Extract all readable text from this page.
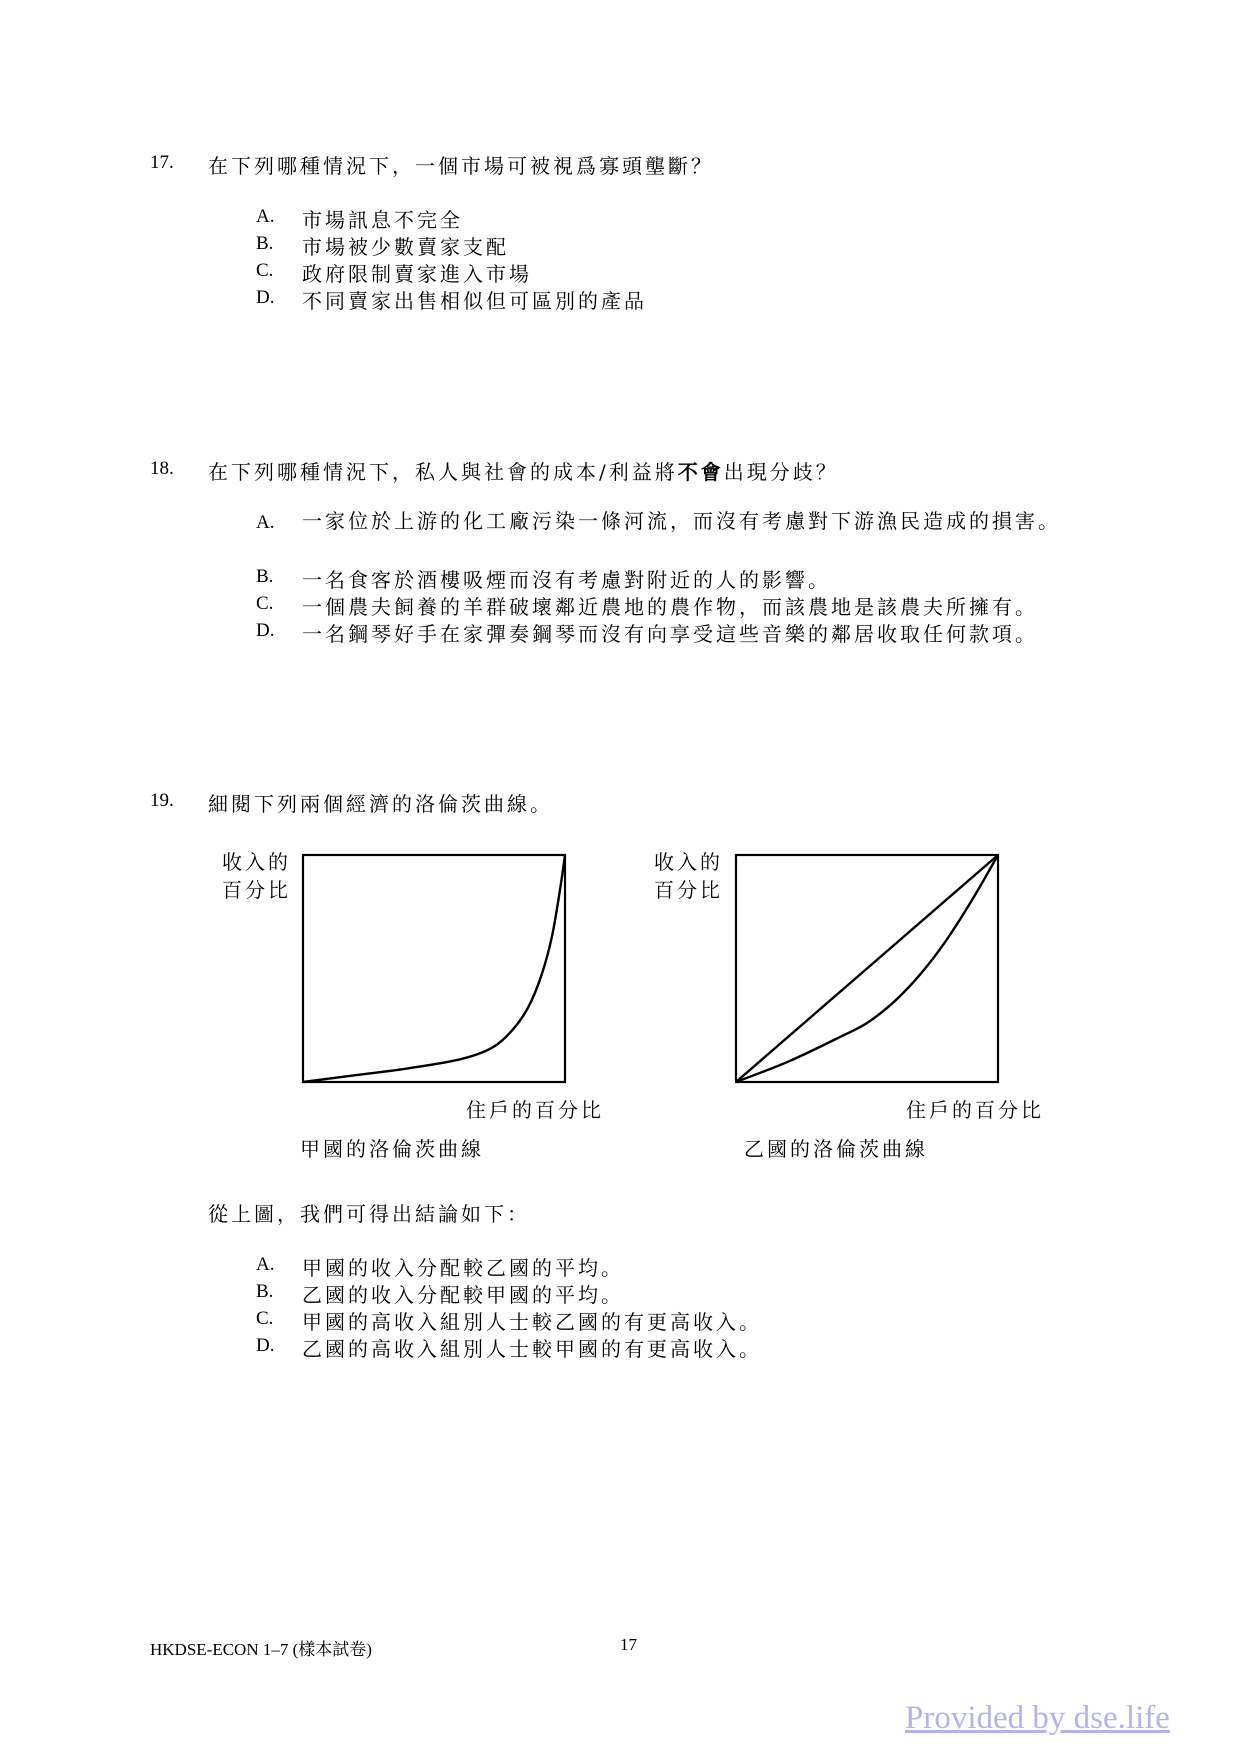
17. 在下列哪種情況下，一個市場可被視爲寡頭壟斷？
A. 市場訊息不完全
B. 市場被少數賣家支配
C. 政府限制賣家進入市場
D. 不同賣家出售相似但可區別的產品
18. 在下列哪種情況下，私人與社會的成本/利益將不會出現分歧？
A. 一家位於上游的化工廠污染一條河流，而沒有考慮對下游漁民造成的損害。
B. 一名食客於酒樓吸煙而沒有考慮對附近的人的影響。
C. 一個農夫飼養的羊群破壞鄰近農地的農作物，而該農地是該農夫所擁有。
D. 一名鋼琴好手在家彈奏鋼琴而沒有向享受這些音樂的鄰居收取任何款項。
19. 細閱下列兩個經濟的洛倫茨曲線。
收入的
百分比
住戶的百分比
甲國的洛倫茨曲線
收入的
百分比
住戶的百分比
乙國的洛倫茨曲線
從上圖，我們可得出結論如下：
A. 甲國的收入分配較乙國的平均。
B. 乙國的收入分配較甲國的平均。
C. 甲國的高收入組別人士較乙國的有更高收入。
D. 乙國的高收入組別人士較甲國的有更高收入。
HKDSE-ECON 1–7 (樣本試卷)	17
Provided by dse.life
